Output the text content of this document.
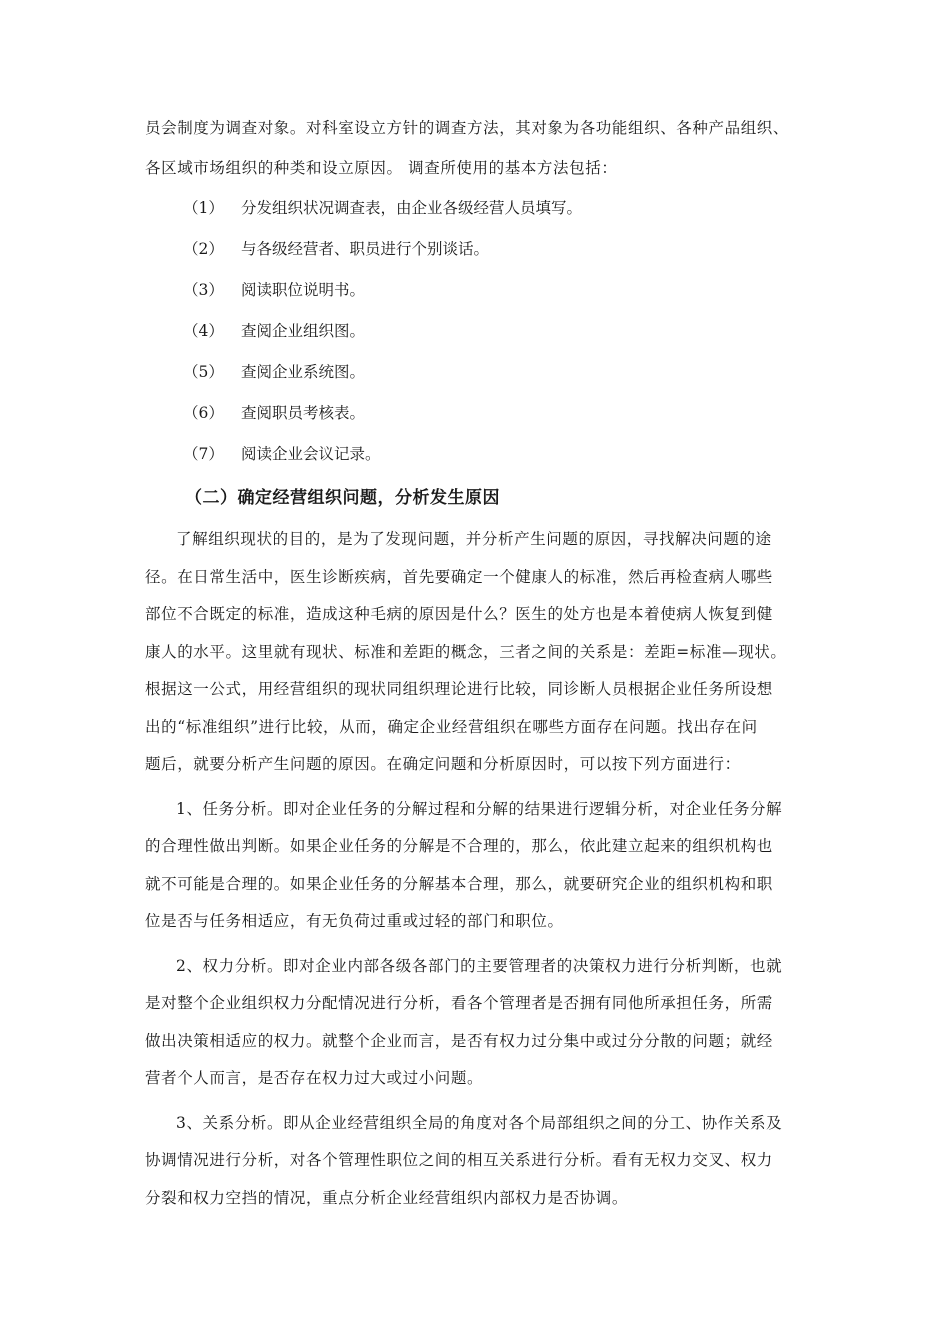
员会制度为调查对象。对科室设立方针的调查方法，其对象为各功能组织、各种产品组织、
各区域市场组织的种类和设立原因。 调查所使用的基本方法包括：
（1） 分发组织状况调查表，由企业各级经营人员填写。
（2） 与各级经营者、职员进行个别谈话。
（3） 阅读职位说明书。
（4） 查阅企业组织图。
（5） 查阅企业系统图。
（6） 查阅职员考核表。
（7） 阅读企业会议记录。
（二）确定经营组织问题，分析发生原因
了解组织现状的目的，是为了发现问题，并分析产生问题的原因，寻找解决问题的途
径。在日常生活中，医生诊断疾病，首先要确定一个健康人的标准，然后再检查病人哪些
部位不合既定的标准，造成这种毛病的原因是什么？医生的处方也是本着使病人恢复到健
康人的水平。这里就有现状、标准和差距的概念，三者之间的关系是：差距=标准—现状。
根据这一公式，用经营组织的现状同组织理论进行比较，同诊断人员根据企业任务所设想
出的“标准组织”进行比较，从而，确定企业经营组织在哪些方面存在问题。找出存在问
题后，就要分析产生问题的原因。在确定问题和分析原因时，可以按下列方面进行：
1、任务分析。即对企业任务的分解过程和分解的结果进行逻辑分析，对企业任务分解
的合理性做出判断。如果企业任务的分解是不合理的，那么，依此建立起来的组织机构也
就不可能是合理的。如果企业任务的分解基本合理，那么，就要研究企业的组织机构和职
位是否与任务相适应，有无负荷过重或过轻的部门和职位。
2、权力分析。即对企业内部各级各部门的主要管理者的决策权力进行分析判断，也就
是对整个企业组织权力分配情况进行分析，看各个管理者是否拥有同他所承担任务，所需
做出决策相适应的权力。就整个企业而言，是否有权力过分集中或过分分散的问题；就经
营者个人而言，是否存在权力过大或过小问题。
3、关系分析。即从企业经营组织全局的角度对各个局部组织之间的分工、协作关系及
协调情况进行分析，对各个管理性职位之间的相互关系进行分析。看有无权力交叉、权力
分裂和权力空挡的情况，重点分析企业经营组织内部权力是否协调。
